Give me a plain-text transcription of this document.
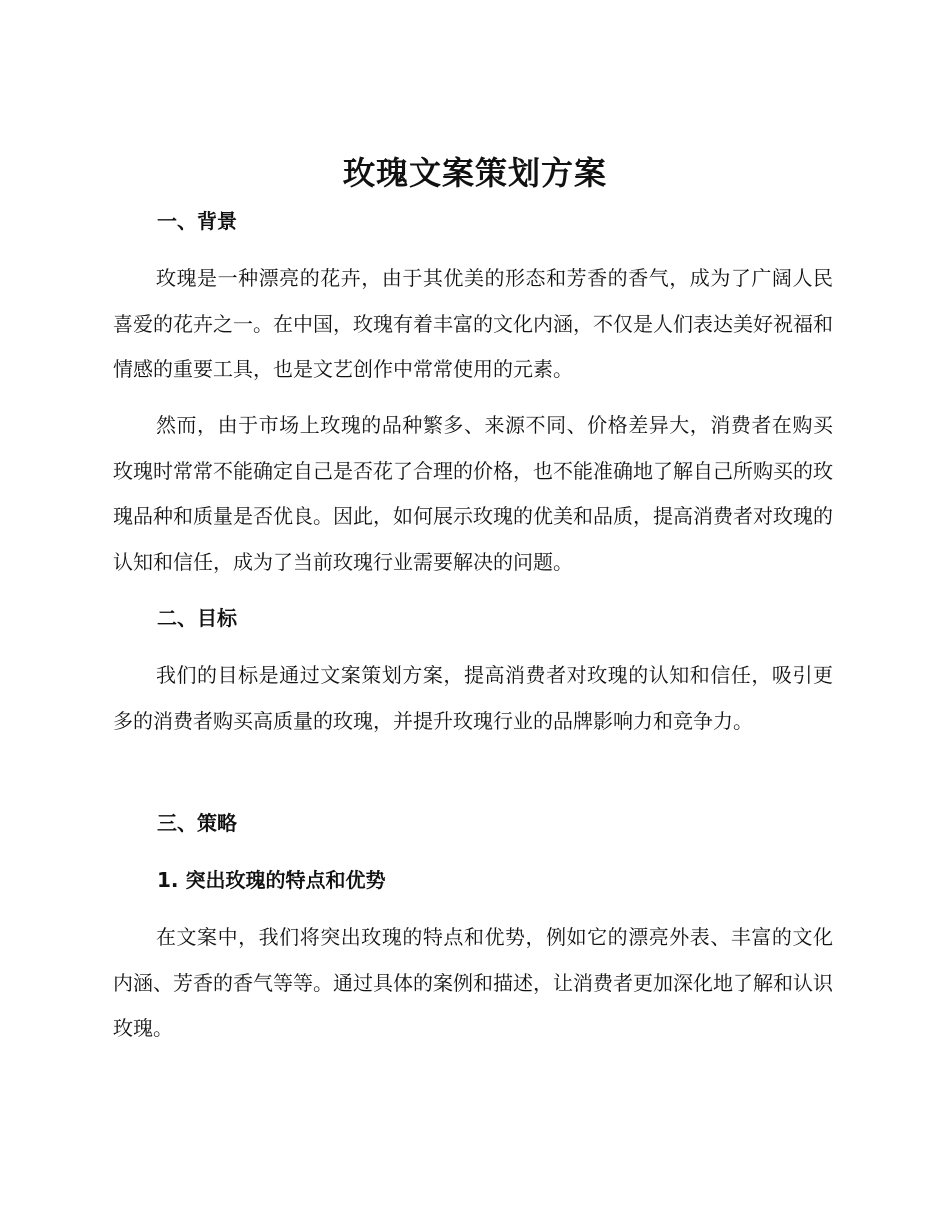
玫瑰文案策划方案
一、背景

玫瑰是一种漂亮的花卉，由于其优美的形态和芳香的香气，成为了广阔人民喜爱的花卉之一。在中国，玫瑰有着丰富的文化内涵，不仅是人们表达美好祝福和情感的重要工具，也是文艺创作中常常使用的元素。

然而，由于市场上玫瑰的品种繁多、来源不同、价格差异大，消费者在购买玫瑰时常常不能确定自己是否花了合理的价格，也不能准确地了解自己所购买的玫瑰品种和质量是否优良。因此，如何展示玫瑰的优美和品质，提高消费者对玫瑰的认知和信任，成为了当前玫瑰行业需要解决的问题。

二、目标

我们的目标是通过文案策划方案，提高消费者对玫瑰的认知和信任，吸引更多的消费者购买高质量的玫瑰，并提升玫瑰行业的品牌影响力和竞争力。

三、策略
1. 突出玫瑰的特点和优势

在文案中，我们将突出玫瑰的特点和优势，例如它的漂亮外表、丰富的文化内涵、芳香的香气等等。通过具体的案例和描述，让消费者更加深化地了解和认识玫瑰。
